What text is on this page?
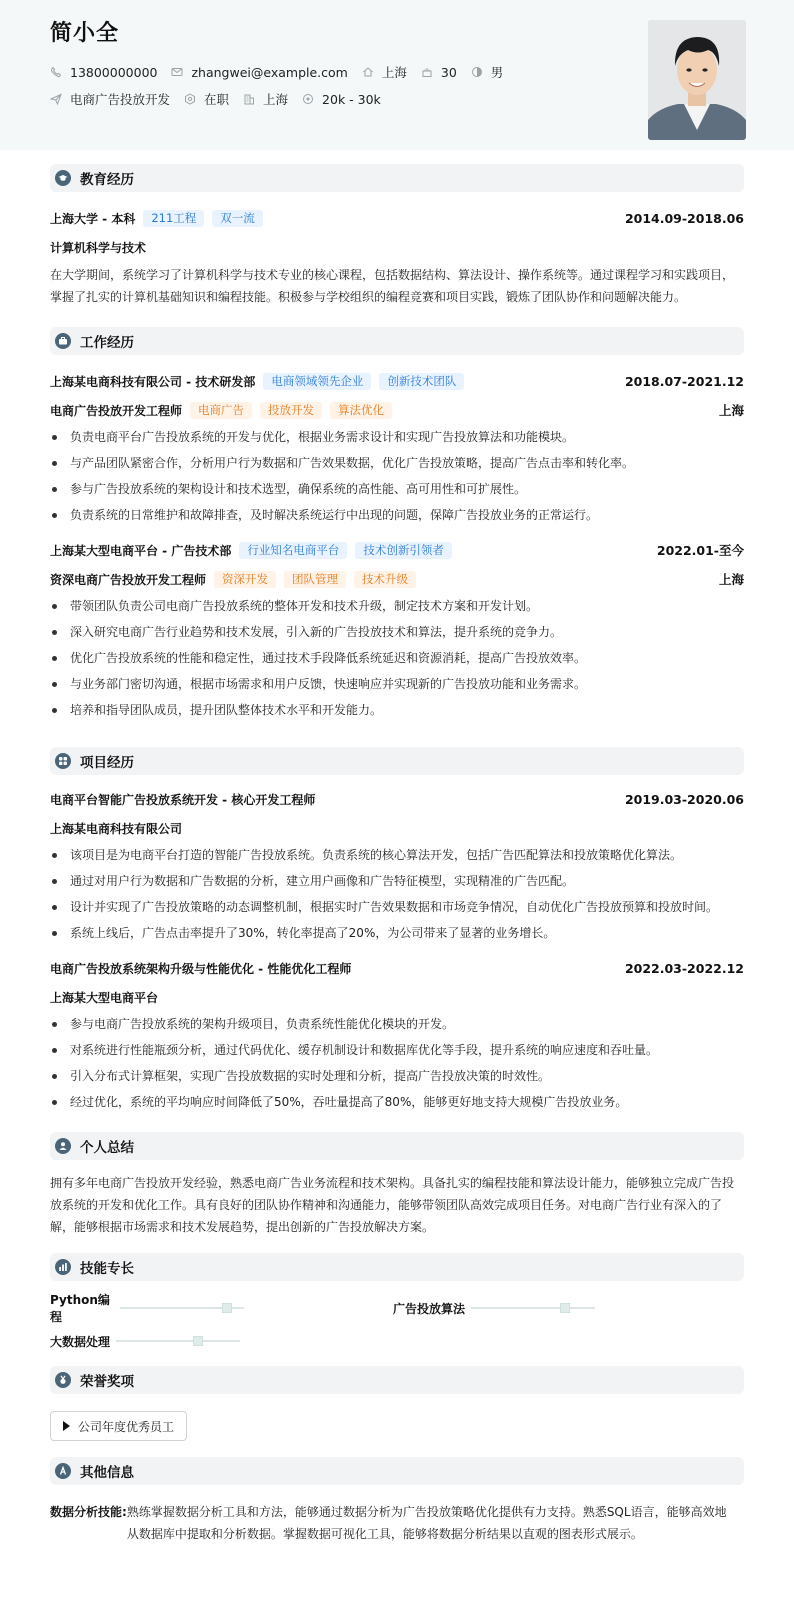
简小全
13800000000	zhangwei@example.com	上海	30	男
电商广告投放开发	在职	上海	20k - 30k
教育经历
上海大学 - 本科	211工程	双一流	2014.09-2018.06
计算机科学与技术
在大学期间，系统学习了计算机科学与技术专业的核心课程，包括数据结构、算法设计、操作系统等。通过课程学习和实践项目，
掌握了扎实的计算机基础知识和编程技能。积极参与学校组织的编程竞赛和项目实践，锻炼了团队协作和问题解决能力。
工作经历
上海某电商科技有限公司 - 技术研发部	电商领域领先企业	创新技术团队	2018.07-2021.12
电商广告投放开发工程师	电商广告	投放开发	算法优化	上海
负责电商平台广告投放系统的开发与优化，根据业务需求设计和实现广告投放算法和功能模块。
与产品团队紧密合作，分析用户行为数据和广告效果数据，优化广告投放策略，提高广告点击率和转化率。
参与广告投放系统的架构设计和技术选型，确保系统的高性能、高可用性和可扩展性。
负责系统的日常维护和故障排查，及时解决系统运行中出现的问题，保障广告投放业务的正常运行。
上海某大型电商平台 - 广告技术部	行业知名电商平台	技术创新引领者	2022.01-至今
资深电商广告投放开发工程师	资深开发	团队管理	技术升级	上海
带领团队负责公司电商广告投放系统的整体开发和技术升级，制定技术方案和开发计划。
深入研究电商广告行业趋势和技术发展，引入新的广告投放技术和算法，提升系统的竞争力。
优化广告投放系统的性能和稳定性，通过技术手段降低系统延迟和资源消耗，提高广告投放效率。
与业务部门密切沟通，根据市场需求和用户反馈，快速响应并实现新的广告投放功能和业务需求。
培养和指导团队成员，提升团队整体技术水平和开发能力。
项目经历
电商平台智能广告投放系统开发 - 核心开发工程师	2019.03-2020.06
上海某电商科技有限公司
该项目是为电商平台打造的智能广告投放系统。负责系统的核心算法开发，包括广告匹配算法和投放策略优化算法。
通过对用户行为数据和广告数据的分析，建立用户画像和广告特征模型，实现精准的广告匹配。
设计并实现了广告投放策略的动态调整机制，根据实时广告效果数据和市场竞争情况，自动优化广告投放预算和投放时间。
系统上线后，广告点击率提升了30%，转化率提高了20%，为公司带来了显著的业务增长。
电商广告投放系统架构升级与性能优化 - 性能优化工程师	2022.03-2022.12
上海某大型电商平台
参与电商广告投放系统的架构升级项目，负责系统性能优化模块的开发。
对系统进行性能瓶颈分析，通过代码优化、缓存机制设计和数据库优化等手段，提升系统的响应速度和吞吐量。
引入分布式计算框架，实现广告投放数据的实时处理和分析，提高广告投放决策的时效性。
经过优化，系统的平均响应时间降低了50%，吞吐量提高了80%，能够更好地支持大规模广告投放业务。
个人总结
拥有多年电商广告投放开发经验，熟悉电商广告业务流程和技术架构。具备扎实的编程技能和算法设计能力，能够独立完成广告投
放系统的开发和优化工作。具有良好的团队协作精神和沟通能力，能够带领团队高效完成项目任务。对电商广告行业有深入的了
解，能够根据市场需求和技术发展趋势，提出创新的广告投放解决方案。
技能专长
Python编程
广告投放算法
大数据处理
荣誉奖项
公司年度优秀员工
其他信息
数据分析技能: 熟练掌握数据分析工具和方法，能够通过数据分析为广告投放策略优化提供有力支持。熟悉SQL语言，能够高效地
从数据库中提取和分析数据。掌握数据可视化工具，能够将数据分析结果以直观的图表形式展示。
